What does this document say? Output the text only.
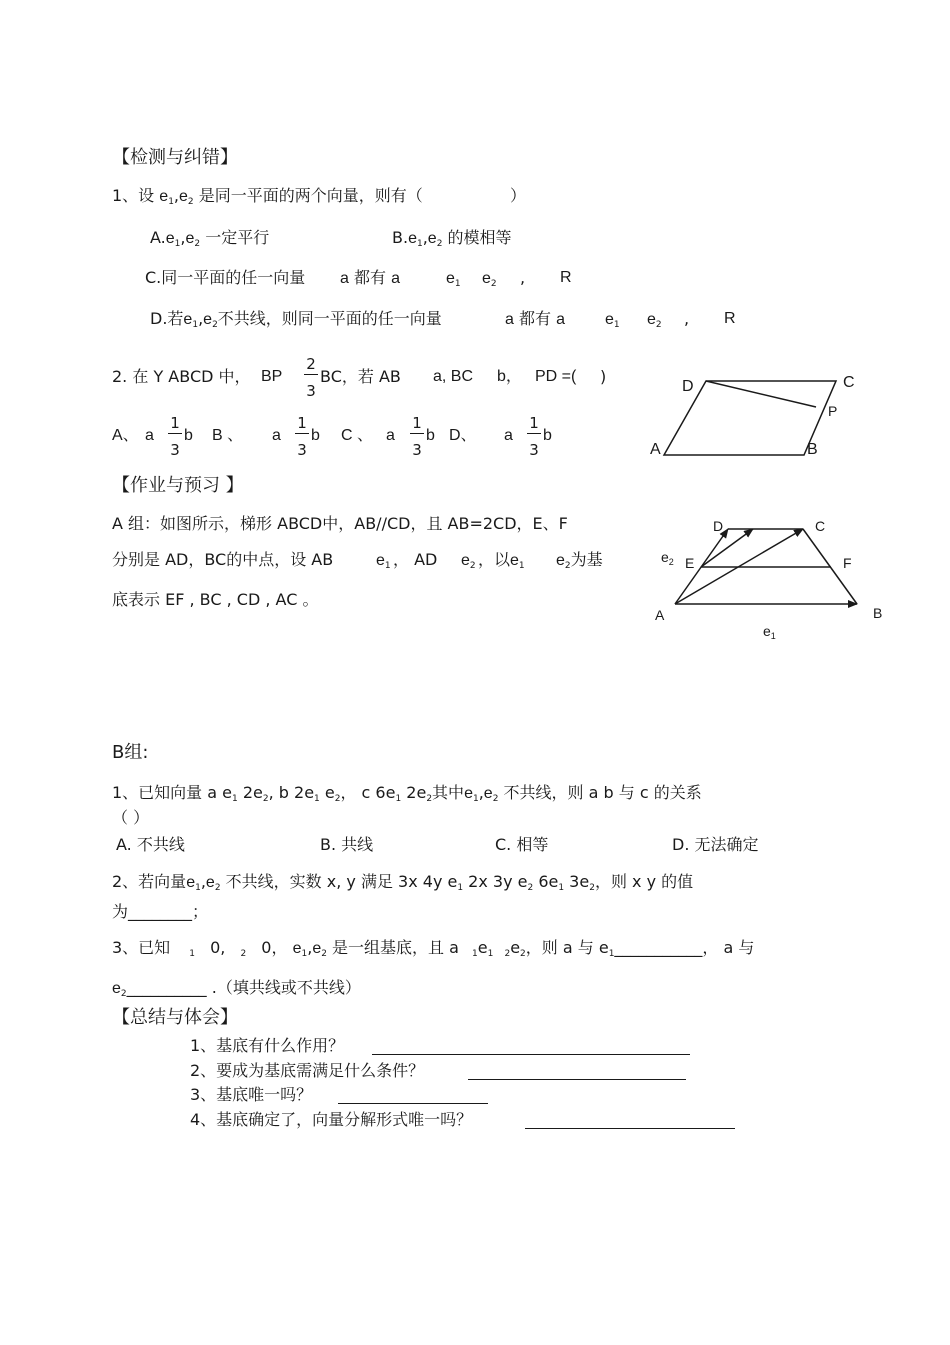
【检测与纠错】
1、设 $e_1,e_2$ 是同一平面的两个向量，则有（	）
$A.e_1,e_2$ 一定平行	$B.e_1,e_2$ 的模相等
C.同一平面的任一向量 a 都有 a	$e_1$ $e_2$ , R
D.若$e_1,e_2$不共线，则同一平面的任一向量	a 都有 a $e_1$ $e_2$ , R
2. 在 Y ABCD 中， BP
2
3
BC，若 AB a, BC b， PD =( )
A、 a
1
3
b B 、 a
1
3
b C 、 a
1
3
b D、 a
1
3
b
D	C
P
A	B
【作业与预习 】
A 组：如图所示，梯形 ABCD中，AB//CD，且 AB=2CD，E、F
分别是 AD，BC的中点，设 AB	$e_1$ ， AD $e_2$ ，以$e_1$ $e_2$为基
底表示 EF , BC , CD , AC 。
D	C
E	F
A	B
$e_2$
$e_1$
B组:
1、已知向量 a $e_1$ $2e_2$, b $2e_1$ $e_2$， c $6e_1$ $2e_2$其中$e_1,e_2$ 不共线，则 a b 与 c 的关系
（ ）
A. 不共线	B. 共线	C. 相等	D. 无法确定
2、若向量$e_1,e_2$ 不共线，实数 x, y 满足 3x 4y $e_1$ 2x 3y $e_2$ $6e_1$ $3e_2$，则 x y 的值
为________；
3、已知 $_1$ 0, $_2$ 0， $e_1,e_2$ 是一组基底，且 a $_1e_1$ $_2e_2$，则 a 与 $e_1\_\_\_\_\_\_\_\_\_\_\_$， a 与
$e_2\_\_\_\_\_\_\_\_\_\_$ .（填共线或不共线）
【总结与体会】
1、基底有什么作用？
2、要成为基底需满足什么条件？
3、基底唯一吗？
4、基底确定了，向量分解形式唯一吗？
